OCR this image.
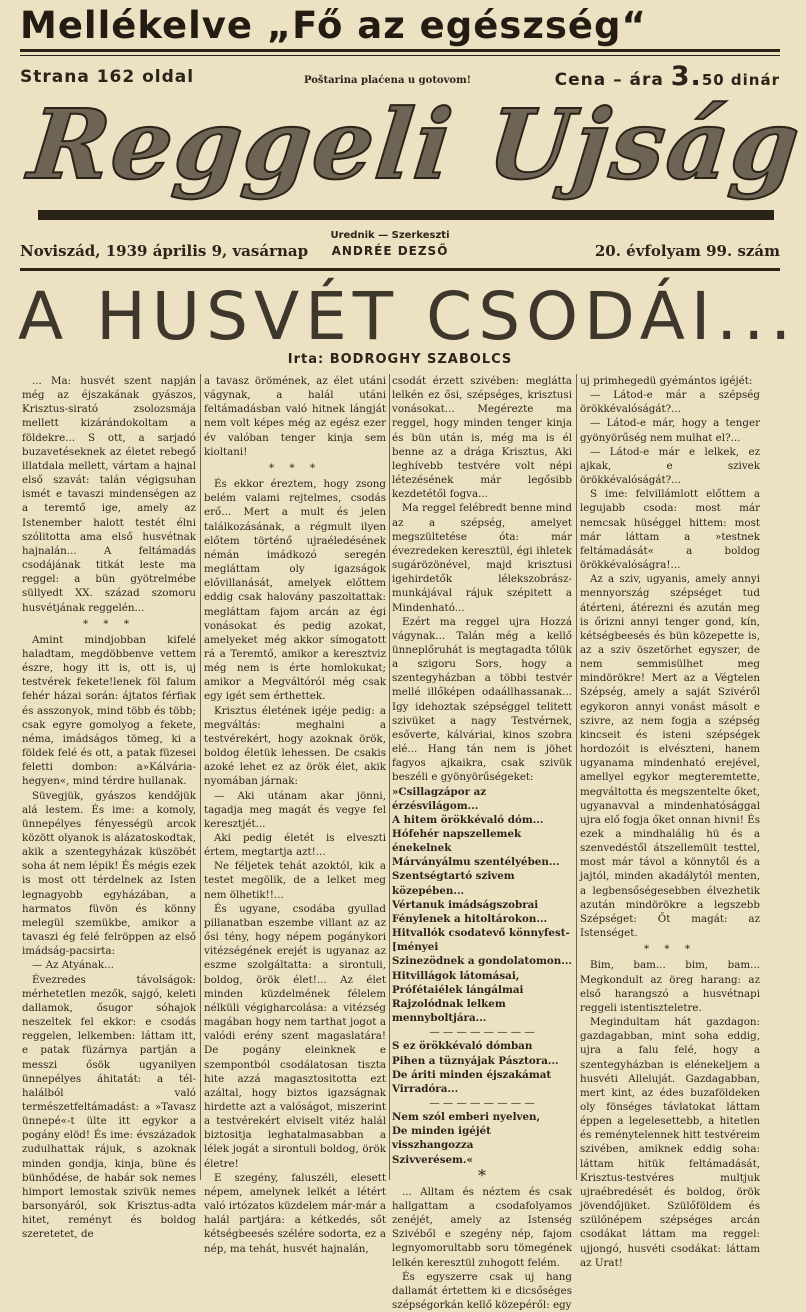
Mellékelve „Fő az egészség“
Strana 162 oldal	Poštarina plaćena u gotovom!	Cena – ára 3.50 dinár
Reggeli Ujság
Noviszád, 1939 április 9, vasárnap
Urednik — Szerkeszti
ANDRÉE DEZSŐ	20. évfolyam 99. szám
A HUSVÉT CSODÁI...
Irta: BODROGHY SZABOLCS

... Ma: husvét szent napján még az éjszakának gyászos, Krisztus-sirató zsolozsmája mellett kizárándokoltam a földekre... S ott, a sarjadó buzavetéseknek az életet rebegő illatdala mellett, vártam a hajnal első szavát: talán végigsuhan ismét e tavaszi mindenségen az a teremtő ige, amely az Istenember halott testét élni szólitotta ama első husvétnak hajnalán... A feltámadás csodájának titkát leste ma reggel: a bün gyötrelmébe süllyedt XX. század szomoru husvétjának reggelén...

* * *

Amint mindjobban kifelé haladtam, megdöbbenve vettem észre, hogy itt is, ott is, uj testvérek fekete!lenek föl falum fehér házai során: ájtatos férfiak és asszonyok, mind több és több; csak egyre gomolyog a fekete, néma, imádságos tömeg, ki a földek felé és ott, a patak füzesei feletti dombon: a»Kálvária-hegyen«, mind térdre hullanak.

Süvegjük, gyászos kendőjük alá lestem. És ime: a komoly, ünnepélyes fényességü arcok között olyanok is alázatoskodtak, akik a szentegyházak küszöbét soha át nem lépik! És mégis ezek is most ott térdelnek az Isten legnagyobb egyházában, a harmatos füvön és könny melegül szemükbe, amikor a tavaszi ég felé felröppen az első imádság-pacsirta:

— Az Atyának...

Évezredes távolságok: mérhetetlen mezők, sajgó, keleti dallamok, ősugor sóhajok neszeltek fel ekkor: e csodás reggelen, lelkemben: láttam itt, e patak füzárnya partján a messzi ősök ugyanilyen ünnepélyes áhitatát: a tél-halálból való természetfeltámadást: a »Tavasz ünnepé«-t ülte itt egykor a pogány elöd! És ime: évszázadok zudulhattak rájuk, s azoknak minden gondja, kinja, büne és bünhődése, de habár sok nemes himport lemostak szivük nemes barsonyáról, sok Krisztus-adta hitet, reményt és boldog szeretetet, de

a tavasz örömének, az élet utáni vágynak, a halál utáni feltámadásban való hitnek lángját nem volt képes még az egész ezer év valóban tenger kinja sem kioltani!

* * *

És ekkor éreztem, hogy zsong belém valami rejtelmes, csodás erő... Mert a mult és jelen találkozásának, a régmult ilyen előtem történő ujraéledésének némán imádkozó seregén megláttam oly igazságok elővillanását, amelyek előttem eddig csak halovány paszoltattak: megláttam fajom arcán az égi vonásokat és pedig azokat, amelyeket még akkor símogatott rá a Teremtő, amikor a keresztviz még nem is érte homlokukat; amikor a Megváltóról még csak egy igét sem érthettek.

Krisztus életének igéje pedig: a megváltás: meghalni a testvérekért, hogy azoknak örök, boldog életük lehessen. De csakis azoké lehet ez az örök élet, akik nyomában járnak:

— Aki utánam akar jönni, tagadja meg magát és vegye fel keresztjét...

Aki pedig életét is elveszti értem, megtartja azt!...

Ne féljetek tehát azoktól, kik a testet megölik, de a lelket meg nem ölhetik!!...

És ugyane, csodába gyullad pillanatban eszembe villant az az ősi tény, hogy népem pogánykori vitézségének erejét is ugyanaz az eszme szolgáltatta: a sirontuli, boldog, örök élet!... Az élet minden küzdelmének félelem nélküli végigharcolása: a vitézség magában hogy nem tarthat jogot a valódi erény szent magaslatára! De pogány eleinknek e szempontból csodálatosan tiszta hite azzá magasztositotta ezt azáltal, hogy biztos igazságnak hirdette azt a valóságot, miszerint a testvérekért elviselt vitéz halál biztositja leghatalmasabban a lélek jogát a sirontuli boldog, örök életre!

E szegény, faluszéli, elesett népem, amelynek lelkét a létért való irtózatos küzdelem már-már a halál partjára: a kétkedés, sőt kétségbeesés szélére sodorta, ez a nép, ma tehát, husvét hajnalán,

csodát érzett szivében: meglátta lelkén ez ősi, szépséges, krisztusi vonásokat... Megérezte ma reggel, hogy minden tenger kinja és bün után is, még ma is él benne az a drága Krisztus, Aki leghívebb testvére volt népi létezésének már legősibb kezdetétől fogva...

Ma reggel felébredt benne mind az a szépség, amelyet megszültetése óta: már évezredeken keresztül, égi ihletek sugárözönével, majd krisztusi igehirdetők lélekszobrász-munkájával rájuk szépitett a Mindenható...

Ezért ma reggel ujra Hozzá vágynak... Talán még a kellő ünneplőruhát is megtagadta tőlük a szigoru Sors, hogy a szentegyházban a többi testvér mellé illőképen odaállhassanak... Igy idehoztak szépséggel telitett szivüket a nagy Testvérnek, esőverte, kálváriai, kinos szobra elé... Hang tán nem is jöhet fagyos ajkaikra, csak szivük beszéli e gyönyörűségeket:

»Csillagzápor az érzésvilágom...

A hitem örökkévaló dóm...

Hófehér napszellemek énekelnek

Márványálmu szentélyében...

Szentségtartó szivem közepében...

Vértanuk imádságszobrai

Fénylenek a hitoltárokon...

Hitvallók csodatevő könnyfest-[ményei

Szinezödnek a gondolatomon...

Hitvillágok látomásai,

Prófétaiélek lángálmai

Rajzolódnak lelkem mennyboltjára...

— — — — — — — —

S ez örökkévaló dómban

Pihen a tüznyájak Pásztora...

De áriti minden éjszakámat

Virradóra...

— — — — — — — —

Nem szól emberi nyelven,

De minden igéjét visszhangozza

Szivverésem.«

*

... Alltam és néztem és csak hallgattam a csodafolyamos zenéjét, amely az Istenség Szivéből e szegény nép, fajom legnyomorultabb soru tömegének lelkén keresztül zuhogott felém.

És egyszerre csak uj hang dallamát értettem ki e dicsőséges szépségorkán kellő közepéről: egy

uj primhegedü gyémántos igéjét:

— Látod-e már a szépség örökkévalóságát?...

— Látod-e már, hogy a tenger gyönyörűség nem mulhat el?...

— Látod-e már e lelkek, ez ajkak, e szivek örökkévalóságát?...

S ime: felvillámlott előttem a legujabb csoda: most már nemcsak hüséggel hittem: most már láttam a »testnek feltámadását« a boldog örökkévalóságra!...

Az a sziv, ugyanis, amely annyi mennyország szépséget tud átérteni, átérezni és azután meg is őrizni annyi tenger gond, kín, kétségbeesés és bün közepette is, az a sziv öszetörhet egyszer, de nem semmisülhet meg mindörökre! Mert az a Végtelen Szépség, amely a saját Szivéről egykoron annyi vonást másolt e szivre, az nem fogja a szépség kincseit és isteni szépségek hordozóit is elvészteni, hanem ugyanama mindenható erejével, amellyel egykor megteremtette, megváltotta és megszentelte őket, ugyanavval a mindenhatósággal ujra elő fogja őket onnan hivni! És ezek a mindhalálig hü és a szenvedéstől átszellemült testtel, most már távol a könnytől és a jajtól, minden akadálytól menten, a legbensőségesebben élvezhetik azután mindörökre a legszebb Szépséget: Őt magát: az Istenséget.

* * *

Bim, bam... bim, bam... Megkondult az öreg harang: az első harangszó a husvétnapi reggeli istentiszteletre.

Megindultam hát gazdagon: gazdagabban, mint soha eddig, ujra a falu felé, hogy a szentegyházban is elénekeljem a husvéti Alleluját. Gazdagabban, mert kint, az édes buzaföldeken oly fönséges távlatokat láttam éppen a legelesettebb, a hitetlen és reménytelennek hitt testvéreim szivében, amiknek eddig soha: láttam hitük feltámadását, Krisztus-testvéres multjuk ujraébredését és boldog, örök jövendőjüket. Szülőföldem és szülőnépem szépséges arcán csodákat láttam ma reggel: ujjongó, husvéti csodákat: láttam az Urat!
